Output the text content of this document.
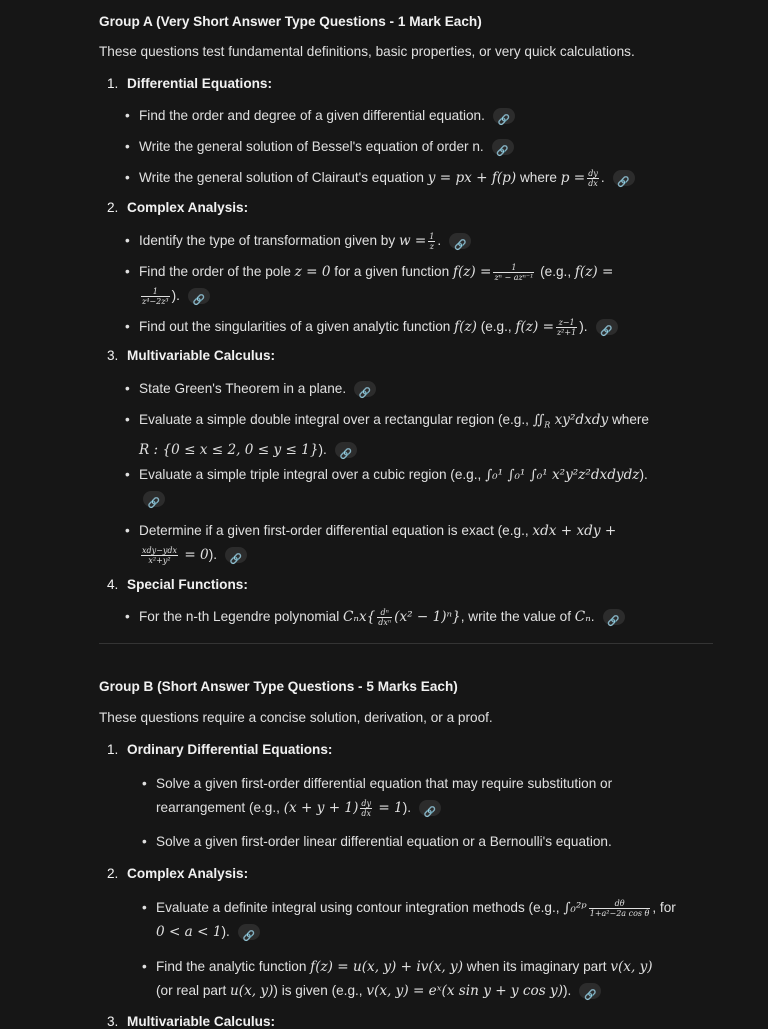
Group A (Very Short Answer Type Questions - 1 Mark Each)
These questions test fundamental definitions, basic properties, or very quick calculations.
1. Differential Equations:
• Find the order and degree of a given differential equation.	🔗
• Write the general solution of Bessel's equation of order n.	🔗
• Write the general solution of Clairaut's equation y = px + f(p) where $p = \frac{dy}{dx}$ .	🔗
2. Complex Analysis:
• Identify the type of transformation given by $w = \frac{1}{z}$ .	🔗
• Find the order of the pole z = 0 for a given function $f(z) = \frac{1}{\text{zⁿ − azⁿ⁻¹}} (e.g$., f(z) =

$\frac{1}{\text{z⁴−2z³}}$ ).	🔗
• Find out the singularities of a given analytic function f(z) (e.g., $f(z) = \frac{z-1}{\text{z²+1}}$ ).	🔗
3. Multivariable Calculus:
• State Green's Theorem in a plane.	🔗
• Evaluate a simple double integral over a rectangular region (e.g., $∬_R$ xy²dxdy where
R : {0 ≤ x ≤ 2, 0 ≤ y ≤ 1}).	🔗
• Evaluate a simple triple integral over a cubic region (e.g., ∫₀¹ ∫₀¹ ∫₀¹ x²y²z²dxdydz).

🔗
• Determine if a given first-order differential equation is exact (e.g., xdx + xdy +

$\frac{\text{xdy−ydx}}{\text{x²+y²}} = 0$).	🔗
4. Special Functions:
• For the n-th Legendre polynomial $C_nx\{ \frac{\text{dⁿ}}{\text{dxⁿ}} (x^2 - 1)^n\}$, write the value of Cₙ.	🔗
Group B (Short Answer Type Questions - 5 Marks Each)
These questions require a concise solution, derivation, or a proof.
1. Ordinary Differential Equations:
• Solve a given first-order differential equation that may require substitution or
rearrangement (e.g., $(x + y + 1) \frac{dy}{dx} = 1$).	🔗
• Solve a given first-order linear differential equation or a Bernoulli's equation.
2. Complex Analysis:
• Evaluate a definite integral using contour integration methods (e.g., ∫₀²ᵖ $\frac{d\theta}{\text{1+a²−2a cos θ}}$ , for
0 < a < 1).	🔗
• Find the analytic function f(z) = u(x, y) + iv(x, y) when its imaginary part v(x, y)
(or real part u(x, y)) is given (e.g., v(x, y) = eˣ(x sin y + y cos y)).	🔗
3. Multivariable Calculus:
